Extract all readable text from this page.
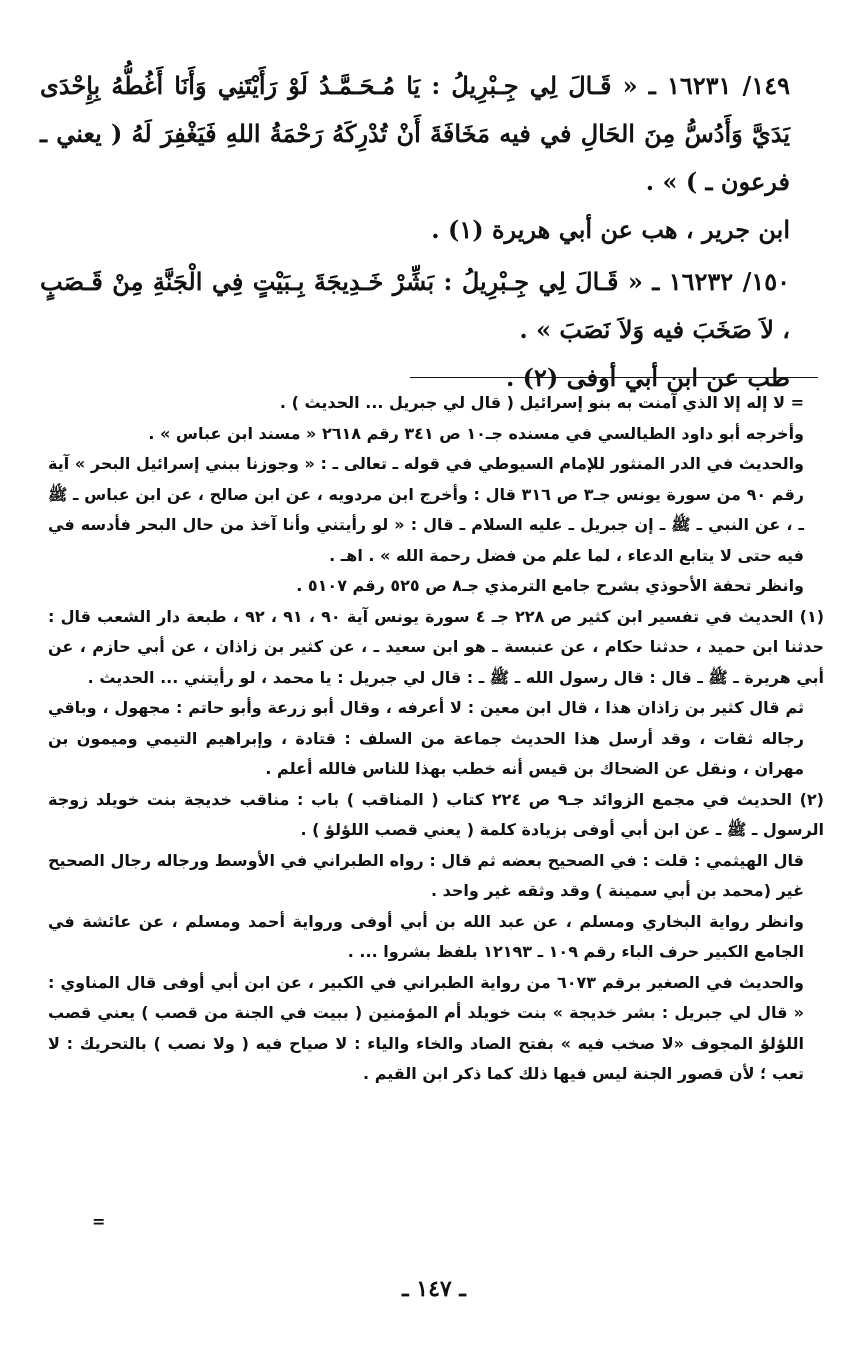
١٤٩/ ١٦٢٣١ ـ « قَـالَ لِي جِـبْرِيلُ : يَا مُـحَـمَّـدُ لَوْ رَأَيْتَنِي وَأَنَا أَغُطُّهُ بِإِحْدَى يَدَيَّ وَأَدُسُّ مِنَ الحَالِ في فيه مَخَافَةَ أَنْ تُدْرِكَهُ رَحْمَةُ اللهِ فَيَغْفِرَ لَهُ ( يعني ـ فرعون ـ ) » .

ابن جرير ، هب عن أبي هريرة (١) .

١٥٠/ ١٦٢٣٢ ـ « قَـالَ لِي جِـبْرِيلُ : بَشِّرْ خَـدِيجَةَ بِـبَيْتٍ فِي الْجَنَّةِ مِنْ قَـصَبٍ ، لاَ صَخَبَ فيه وَلاَ نَصَبَ » .

طب عن ابن أبي أوفى (٢) .

= لا إله إلا الذي آمنت به بنو إسرائيل ( قال لي جبريل ... الحديث ) .

وأخرجه أبو داود الطيالسي في مسنده جـ١٠ ص ٣٤١ رقم ٢٦١٨ « مسند ابن عباس » .

والحديث في الدر المنثور للإمام السيوطي في قوله ـ تعالى ـ : « وجوزنا ببني إسرائيل البحر » آية رقم ٩٠ من سورة يونس جـ٣ ص ٣١٦ قال : وأخرج ابن مردويه ، عن ابن صالح ، عن ابن عباس ـ ﷺ ـ ، عن النبي ـ ﷺ ـ إن جبريل ـ عليه السلام ـ قال : « لو رأيتني وأنا آخذ من حال البحر فأدسه في فيه حتى لا يتابع الدعاء ، لما علم من فضل رحمة الله » . اهـ .

وانظر تحفة الأحوذي بشرح جامع الترمذي جـ٨ ص ٥٢٥ رقم ٥١٠٧ .

(١) الحديث في تفسير ابن كثير ص ٢٢٨ جـ ٤ سورة يونس آية ٩٠ ، ٩١ ، ٩٢ ، طبعة دار الشعب قال : حدثنا ابن حميد ، حدثنا حكام ، عن عنبسة ـ هو ابن سعيد ـ ، عن كثير بن زاذان ، عن أبي حازم ، عن أبي هريرة ـ ﷺ ـ قال : قال رسول الله ـ ﷺ ـ : قال لي جبريل : يا محمد ، لو رأيتني ... الحديث .

ثم قال كثير بن زاذان هذا ، قال ابن معين : لا أعرفه ، وقال أبو زرعة وأبو حاتم : مجهول ، وباقي رجاله ثقات ، وقد أرسل هذا الحديث جماعة من السلف : قتادة ، وإبراهيم التيمي وميمون بن مهران ، ونقل عن الضحاك بن قيس أنه خطب بهذا للناس فالله أعلم .

(٢) الحديث في مجمع الزوائد جـ٩ ص ٢٢٤ كتاب ( المناقب ) باب : مناقب خديجة بنت خويلد زوجة الرسول ـ ﷺ ـ عن ابن أبي أوفى بزيادة كلمة ( يعني قصب اللؤلؤ ) .

قال الهيثمي : قلت : في الصحيح بعضه ثم قال : رواه الطبراني في الأوسط ورجاله رجال الصحيح غير (محمد بن أبي سمينة ) وقد وثقه غير واحد .

وانظر رواية البخاري ومسلم ، عن عبد الله بن أبي أوفى ورواية أحمد ومسلم ، عن عائشة في الجامع الكبير حرف الباء رقم ١٠٩ ـ ١٢١٩٣ بلفظ بشروا ... .

والحديث في الصغير برقم ٦٠٧٣ من رواية الطبراني في الكبير ، عن ابن أبي أوفى قال المناوي : « قال لي جبريل : بشر خديجة » بنت خويلد أم المؤمنين ( ببيت في الجنة من قصب ) يعني قصب اللؤلؤ المجوف «لا صخب فيه » بفتح الصاد والخاء والياء : لا صياح فيه ( ولا نصب ) بالتحريك : لا تعب ؛ لأن قصور الجنة ليس فيها ذلك كما ذكر ابن القيم .

=
ـ ١٤٧ ـ
